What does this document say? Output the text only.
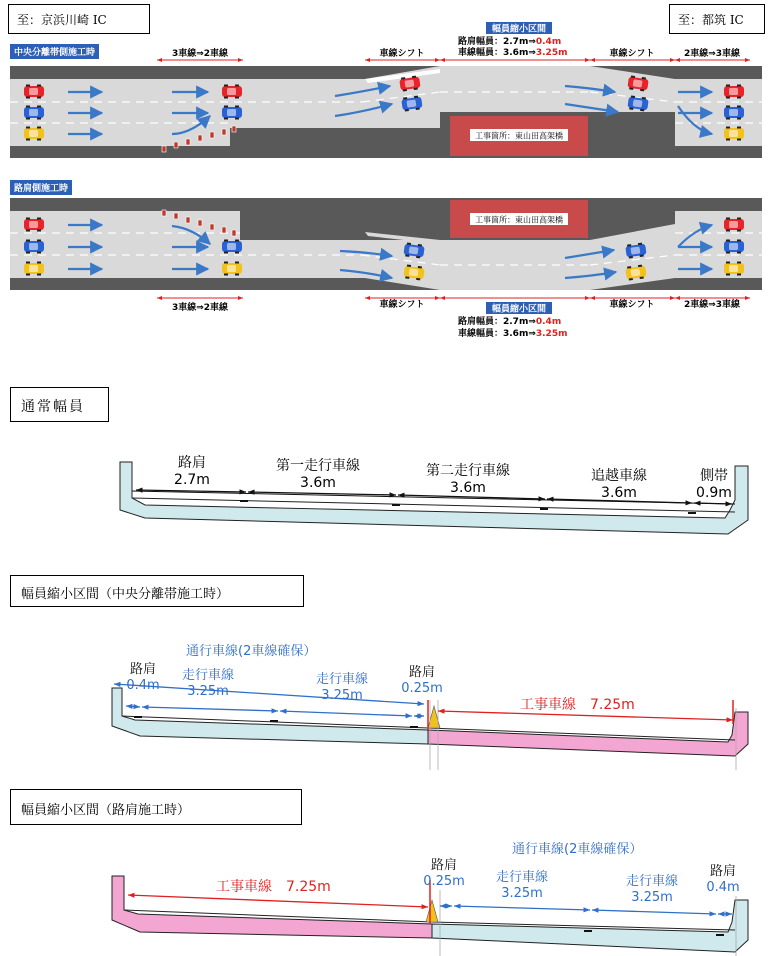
工事箇所：東山田高架橋
3車線⇒2車線	車線シフト	車線シフト	2車線⇒3車線
幅員縮小区間
路肩幅員：2.7m⇒0.4m
車線幅員：3.6m⇒3.25m
工事箇所：東山田高架橋
3車線⇒2車線	車線シフト	車線シフト	2車線⇒3車線
幅員縮小区間
路肩幅員：2.7m⇒0.4m
車線幅員：3.6m⇒3.25m
至：京浜川崎 IC	至：都筑 IC
中央分離帯側施工時
路肩側施工時
通常幅員
路肩
2.7m
第一走行車線
3.6m
第二走行車線
3.6m
追越車線
3.6m
側帯
0.9m
幅員縮小区間（中央分離帯施工時）
通行車線(2車線確保）
路肩
0.4m
走行車線
3.25m
走行車線
3.25m
路肩
0.25m
工事車線　7.25m
幅員縮小区間（路肩施工時）
通行車線(2車線確保）
工事車線　7.25m
路肩
0.25m	走行車線
3.25m
走行車線
3.25m
路肩
0.4m
